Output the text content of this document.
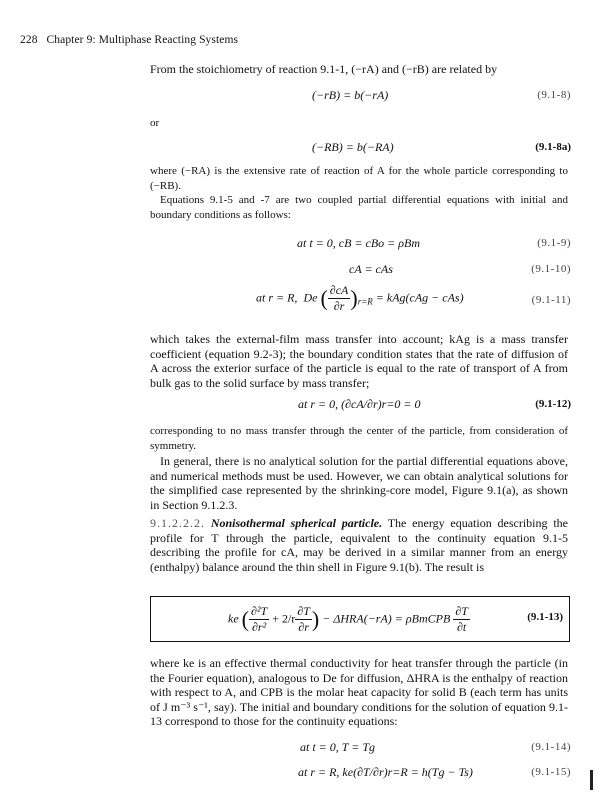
228 Chapter 9: Multiphase Reacting Systems
From the stoichiometry of reaction 9.1-1, (−rA) and (−rB) are related by
(−rB) = b(−rA)	(9.1-8)
or
(−RB) = b(−RA)	(9.1-8a)
where (−RA) is the extensive rate of reaction of A for the whole particle corresponding to (−RB).
Equations 9.1-5 and -7 are two coupled partial differential equations with initial and boundary conditions as follows:
at t = 0, cB = cBo = ρBm	(9.1-9)
cA = cAs	(9.1-10)
at r = R, De ( $\frac{\partial cA}{\partial r} )_{r=R} = kAg(cAg - cAs)$	(9.1-11)
which takes the external-film mass transfer into account; kAg is a mass transfer coefficient (equation 9.2-3); the boundary condition states that the rate of diffusion of A across the exterior surface of the particle is equal to the rate of transport of A from bulk gas to the solid surface by mass transfer;
at r = 0, (∂cA/∂r)r=0 = 0	(9.1-12)
corresponding to no mass transfer through the center of the particle, from consideration of symmetry.
In general, there is no analytical solution for the partial differential equations above, and numerical methods must be used. However, we can obtain analytical solutions for the simplified case represented by the shrinking-core model, Figure 9.1(a), as shown in Section 9.1.2.3.
9.1.2.2.2. Nonisothermal spherical particle. The energy equation describing the profile for T through the particle, equivalent to the continuity equation 9.1-5 describing the profile for cA, may be derived in a similar manner from an energy (enthalpy) balance around the thin shell in Figure 9.1(b). The result is
ke ( $\frac{\text{∂²T}}{\text{∂r²}} + 2/r \frac{\partial T}{\partial r}$ ) − ΔHRA(−rA) = ρBmCPB $\frac{\partial T}{\partial t}$	(9.1-13)
where ke is an effective thermal conductivity for heat transfer through the particle (in the Fourier equation), analogous to De for diffusion, ΔHRA is the enthalpy of reaction with respect to A, and CPB is the molar heat capacity for solid B (each term has units of J m⁻³ s⁻¹, say). The initial and boundary conditions for the solution of equation 9.1-13 correspond to those for the continuity equations:
at t = 0, T = Tg	(9.1-14)
at r = R, ke(∂T/∂r)r=R = h(Tg − Ts)	(9.1-15)
